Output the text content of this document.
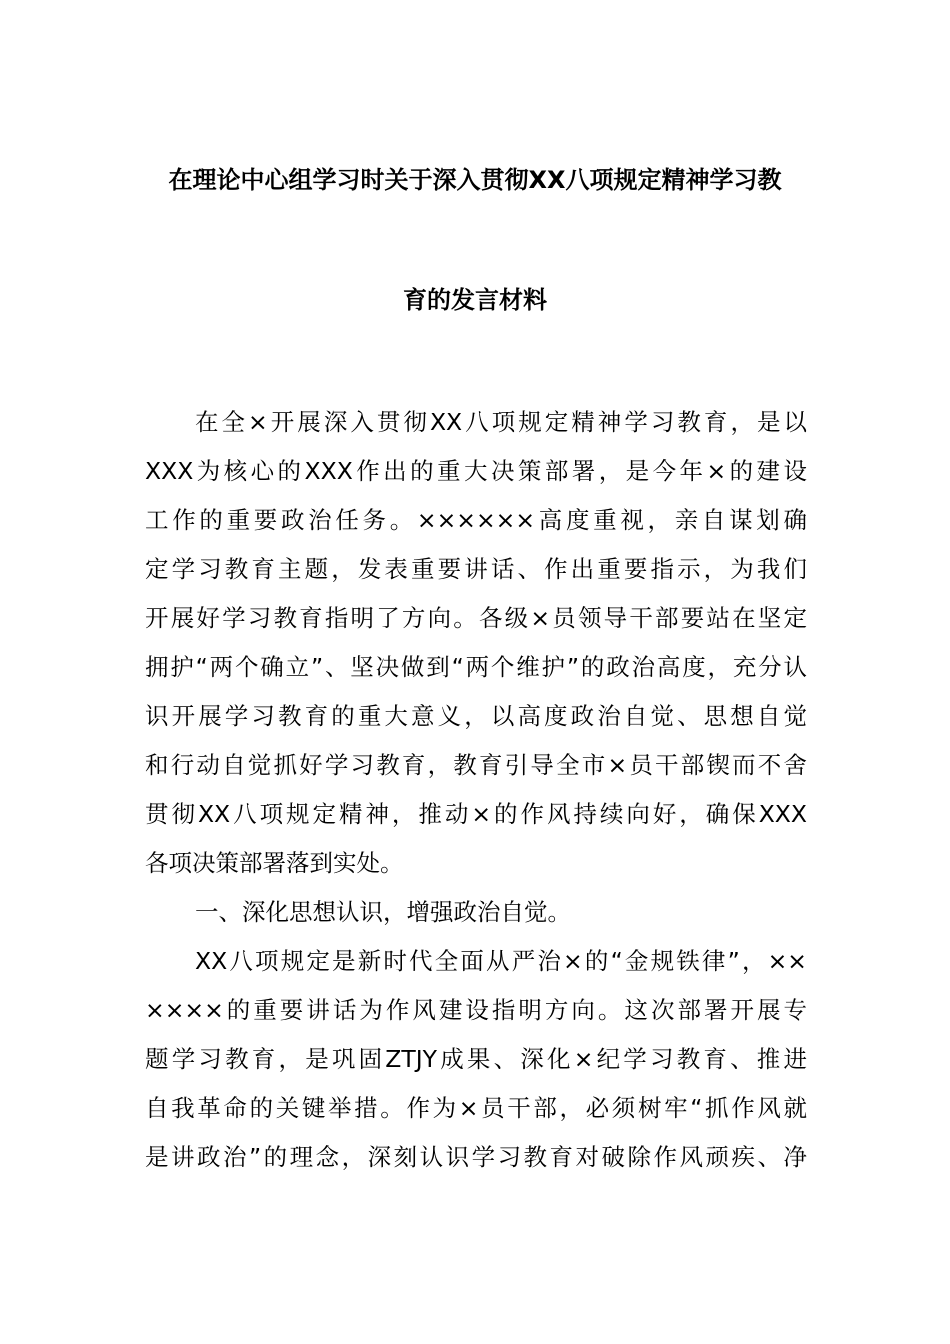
在理论中心组学习时关于深入贯彻XX八项规定精神学习教
育的发言材料
在全×开展深入贯彻XX八项规定精神学习教育，是以
XXX为核心的XXX作出的重大决策部署，是今年×的建设
工作的重要政治任务。××××××高度重视，亲自谋划确
定学习教育主题，发表重要讲话、作出重要指示，为我们
开展好学习教育指明了方向。各级×员领导干部要站在坚定
拥护“两个确立”、坚决做到“两个维护”的政治高度，充分认
识开展学习教育的重大意义，以高度政治自觉、思想自觉
和行动自觉抓好学习教育，教育引导全市×员干部锲而不舍
贯彻XX八项规定精神，推动×的作风持续向好，确保XXX
各项决策部署落到实处。
一、深化思想认识，增强政治自觉。
XX八项规定是新时代全面从严治×的“金规铁律”，××
××××的重要讲话为作风建设指明方向。这次部署开展专
题学习教育，是巩固ZTJY成果、深化×纪学习教育、推进
自我革命的关键举措。作为×员干部，必须树牢“抓作风就
是讲政治”的理念，深刻认识学习教育对破除作风顽疾、净
